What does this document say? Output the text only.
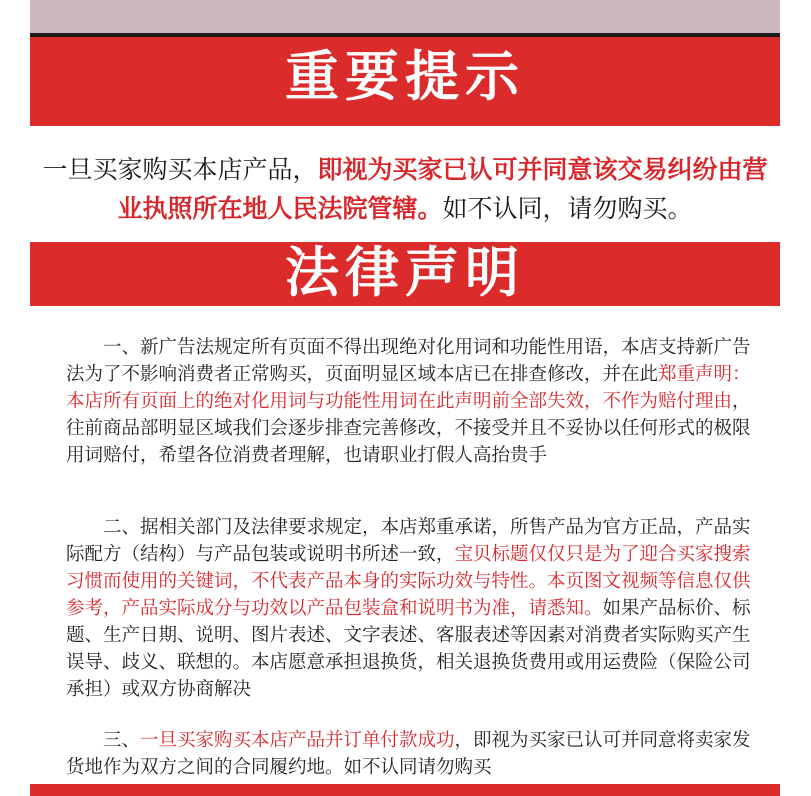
重要提示
一旦买家购买本店产品，即视为买家已认可并同意该交易纠纷由营业执照所在地人民法院管辖。如不认同，请勿购买。
法律声明

一、新广告法规定所有页面不得出现绝对化用词和功能性用语，本店支持新广告法为了不影响消费者正常购买，页面明显区域本店已在排查修改，并在此郑重声明：本店所有页面上的绝对化用词与功能性用词在此声明前全部失效，不作为赔付理由，往前商品部明显区域我们会逐步排查完善修改，不接受并且不妥协以任何形式的极限用词赔付，希望各位消费者理解，也请职业打假人高抬贵手

二、据相关部门及法律要求规定，本店郑重承诺，所售产品为官方正品，产品实际配方（结构）与产品包装或说明书所述一致，宝贝标题仅仅只是为了迎合买家搜索习惯而使用的关键词，不代表产品本身的实际功效与特性。本页图文视频等信息仅供参考，产品实际成分与功效以产品包装盒和说明书为准，请悉知。如果产品标价、标题、生产日期、说明、图片表述、文字表述、客服表述等因素对消费者实际购买产生误导、歧义、联想的。本店愿意承担退换货，相关退换货费用或用运费险（保险公司承担）或双方协商解决

三、一旦买家购买本店产品并订单付款成功，即视为买家已认可并同意将卖家发货地作为双方之间的合同履约地。如不认同请勿购买
